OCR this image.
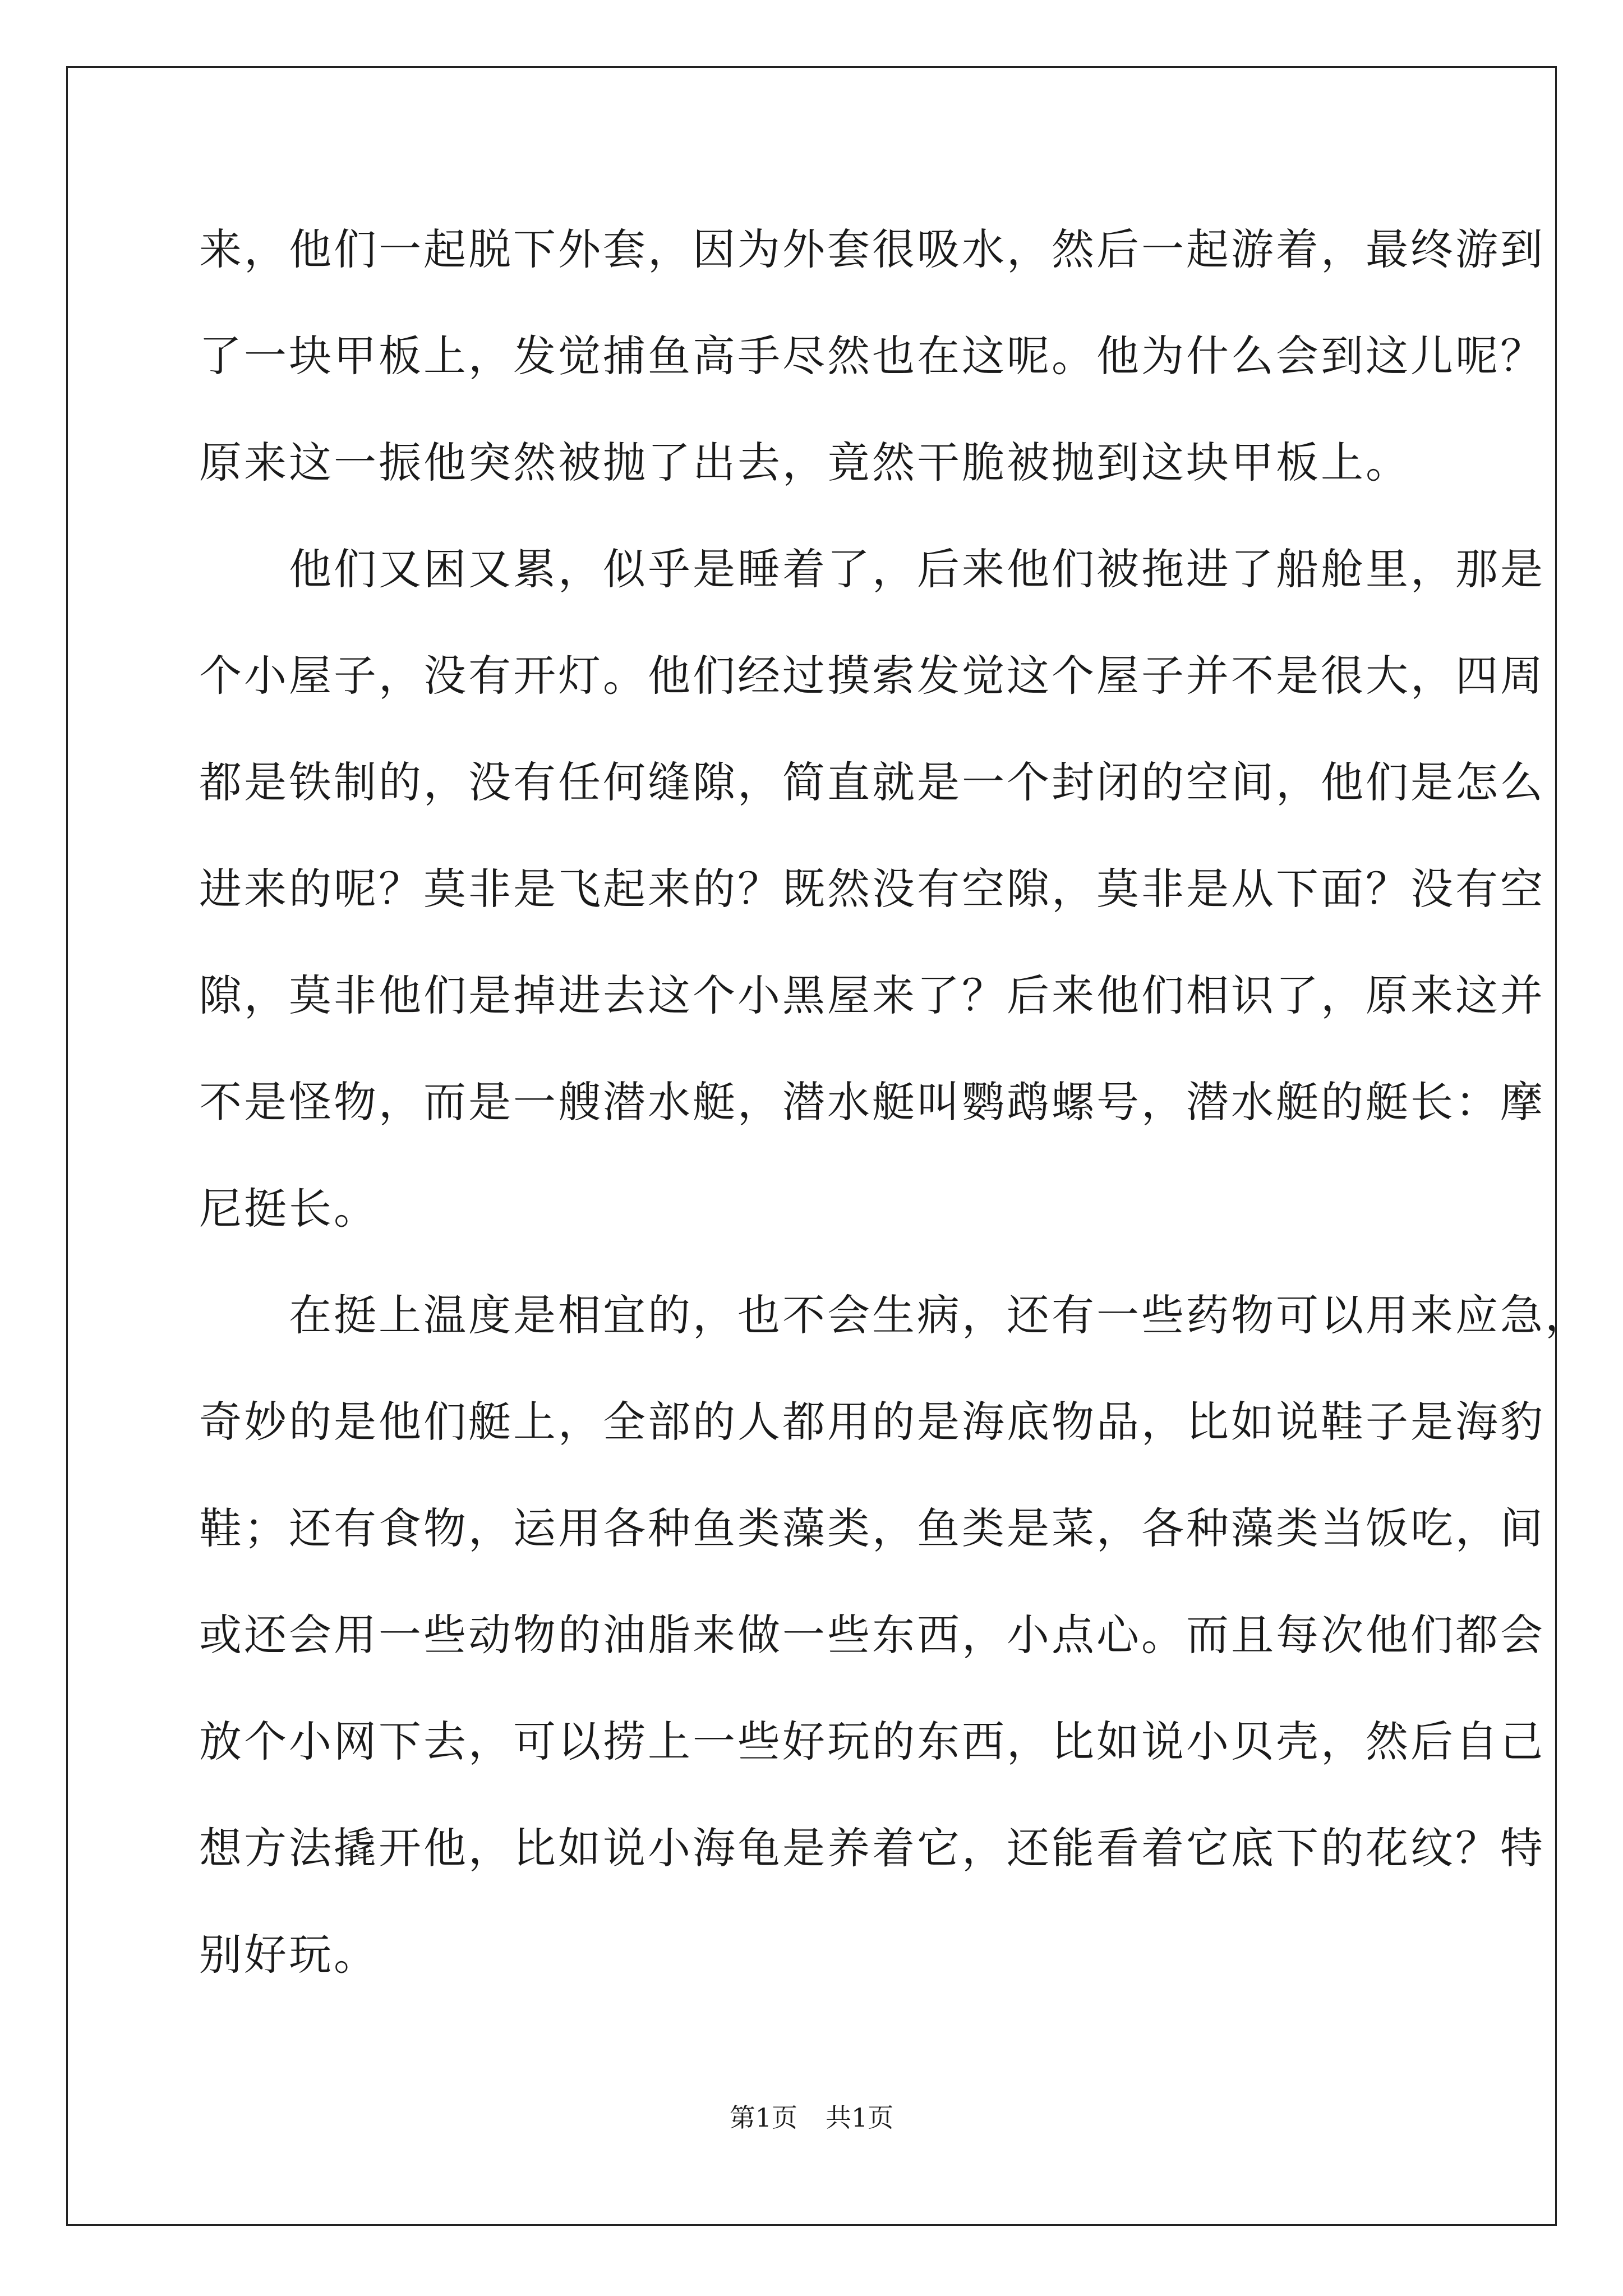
来，他们一起脱下外套，因为外套很吸水，然后一起游着，最终游到
了一块甲板上，发觉捕鱼高手尽然也在这呢。他为什么会到这儿呢？
原来这一振他突然被抛了出去，竟然干脆被抛到这块甲板上。
　　他们又困又累，似乎是睡着了，后来他们被拖进了船舱里，那是
个小屋子，没有开灯。他们经过摸索发觉这个屋子并不是很大，四周
都是铁制的，没有任何缝隙，简直就是一个封闭的空间，他们是怎么
进来的呢？莫非是飞起来的？既然没有空隙，莫非是从下面？没有空
隙，莫非他们是掉进去这个小黑屋来了？后来他们相识了，原来这并
不是怪物，而是一艘潜水艇，潜水艇叫鹦鹉螺号，潜水艇的艇长：摩
尼挺长。
　　在挺上温度是相宜的，也不会生病，还有一些药物可以用来应急，
奇妙的是他们艇上，全部的人都用的是海底物品，比如说鞋子是海豹
鞋；还有食物，运用各种鱼类藻类，鱼类是菜，各种藻类当饭吃，间
或还会用一些动物的油脂来做一些东西，小点心。而且每次他们都会
放个小网下去，可以捞上一些好玩的东西，比如说小贝壳，然后自己
想方法撬开他，比如说小海龟是养着它，还能看着它底下的花纹？特
别好玩。
第1页 共1页
